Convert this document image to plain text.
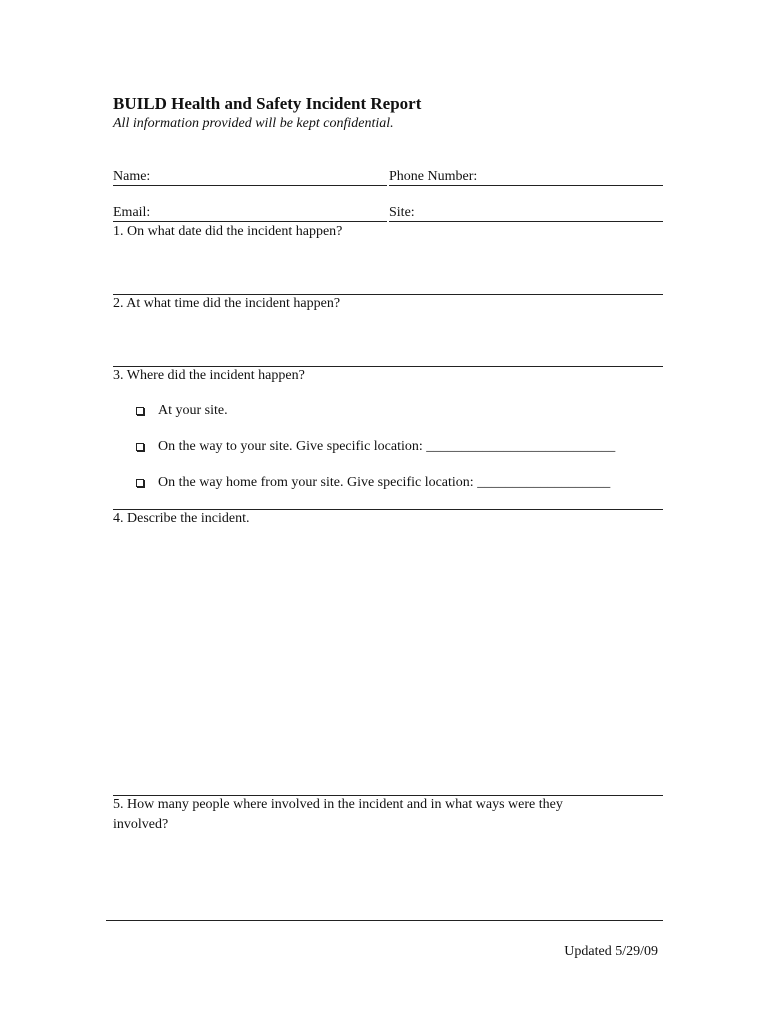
BUILD Health and Safety Incident Report
All information provided will be kept confidential.
Name:	Phone Number:
Email:	Site:
1. On what date did the incident happen?
2. At what time did the incident happen?
3. Where did the incident happen?
At your site.
On the way to your site. Give specific location: ___________________________
On the way home from your site. Give specific location: ___________________
4. Describe the incident.
5. How many people where involved in the incident and in what ways were they
involved?
Updated 5/29/09
